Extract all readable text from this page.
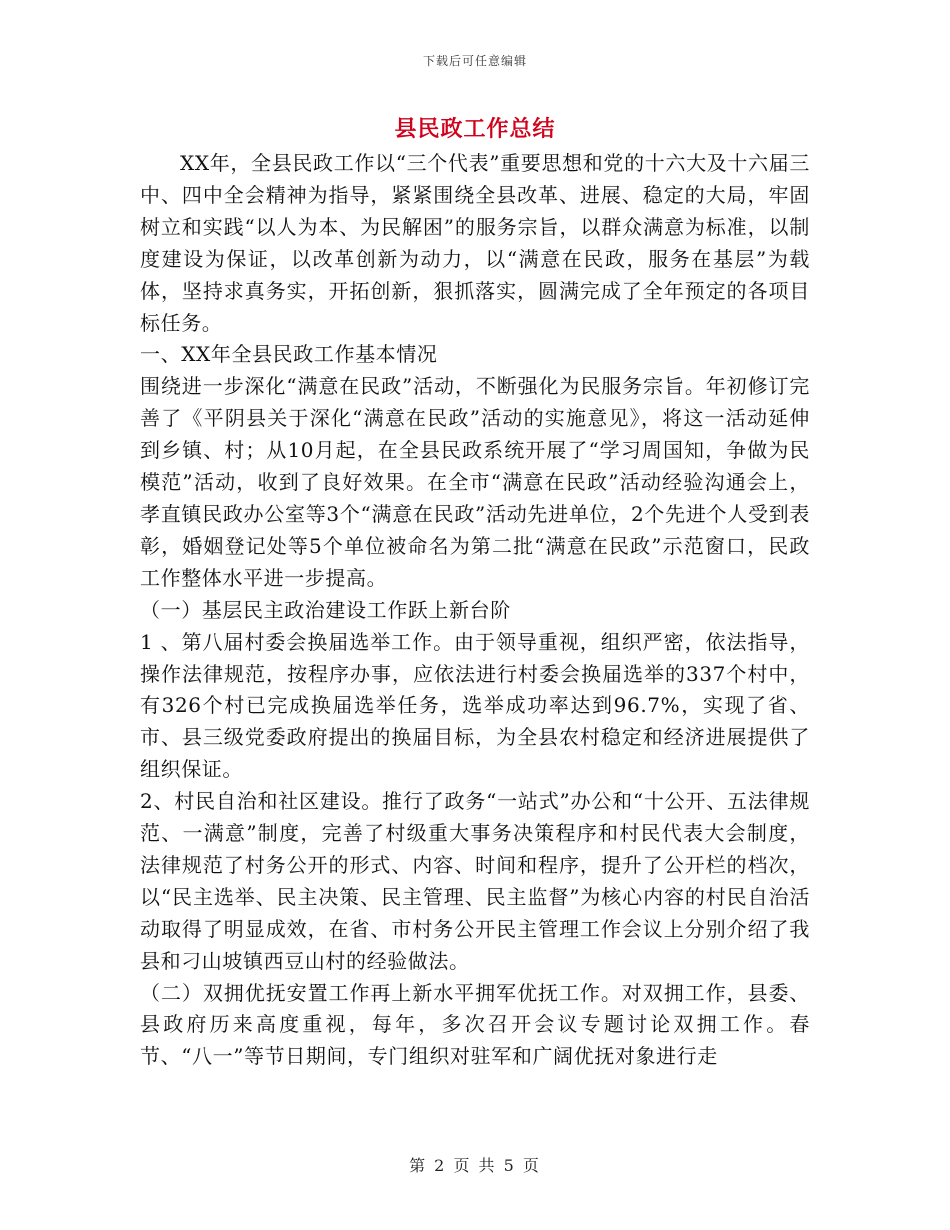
下载后可任意编辑
县民政工作总结

XX年，全县民政工作以“三个代表”重要思想和党的十六大及十六届三中、四中全会精神为指导，紧紧围绕全县改革、进展、稳定的大局，牢固树立和实践“以人为本、为民解困”的服务宗旨，以群众满意为标准，以制度建设为保证，以改革创新为动力，以“满意在民政，服务在基层”为载体，坚持求真务实，开拓创新，狠抓落实，圆满完成了全年预定的各项目标任务。

一、XX年全县民政工作基本情况

围绕进一步深化“满意在民政”活动，不断强化为民服务宗旨。年初修订完善了《平阴县关于深化“满意在民政”活动的实施意见》，将这一活动延伸到乡镇、村；从10月起，在全县民政系统开展了“学习周国知，争做为民模范”活动，收到了良好效果。在全市“满意在民政”活动经验沟通会上，孝直镇民政办公室等3个“满意在民政”活动先进单位，2个先进个人受到表彰，婚姻登记处等5个单位被命名为第二批“满意在民政”示范窗口，民政工作整体水平进一步提高。

（一）基层民主政治建设工作跃上新台阶

1 、第八届村委会换届选举工作。由于领导重视，组织严密，依法指导，操作法律规范，按程序办事，应依法进行村委会换届选举的337个村中，有326个村已完成换届选举任务，选举成功率达到96.7%，实现了省、市、县三级党委政府提出的换届目标，为全县农村稳定和经济进展提供了组织保证。

2、村民自治和社区建设。推行了政务“一站式”办公和“十公开、五法律规范、一满意”制度，完善了村级重大事务决策程序和村民代表大会制度，法律规范了村务公开的形式、内容、时间和程序，提升了公开栏的档次，以“民主选举、民主决策、民主管理、民主监督”为核心内容的村民自治活动取得了明显成效，在省、市村务公开民主管理工作会议上分别介绍了我县和刁山坡镇西豆山村的经验做法。

（二）双拥优抚安置工作再上新水平拥军优抚工作。对双拥工作，县委、县政府历来高度重视，每年，多次召开会议专题讨论双拥工作。春节、“八一”等节日期间，专门组织对驻军和广阔优抚对象进行走

第 2 页 共 5 页
